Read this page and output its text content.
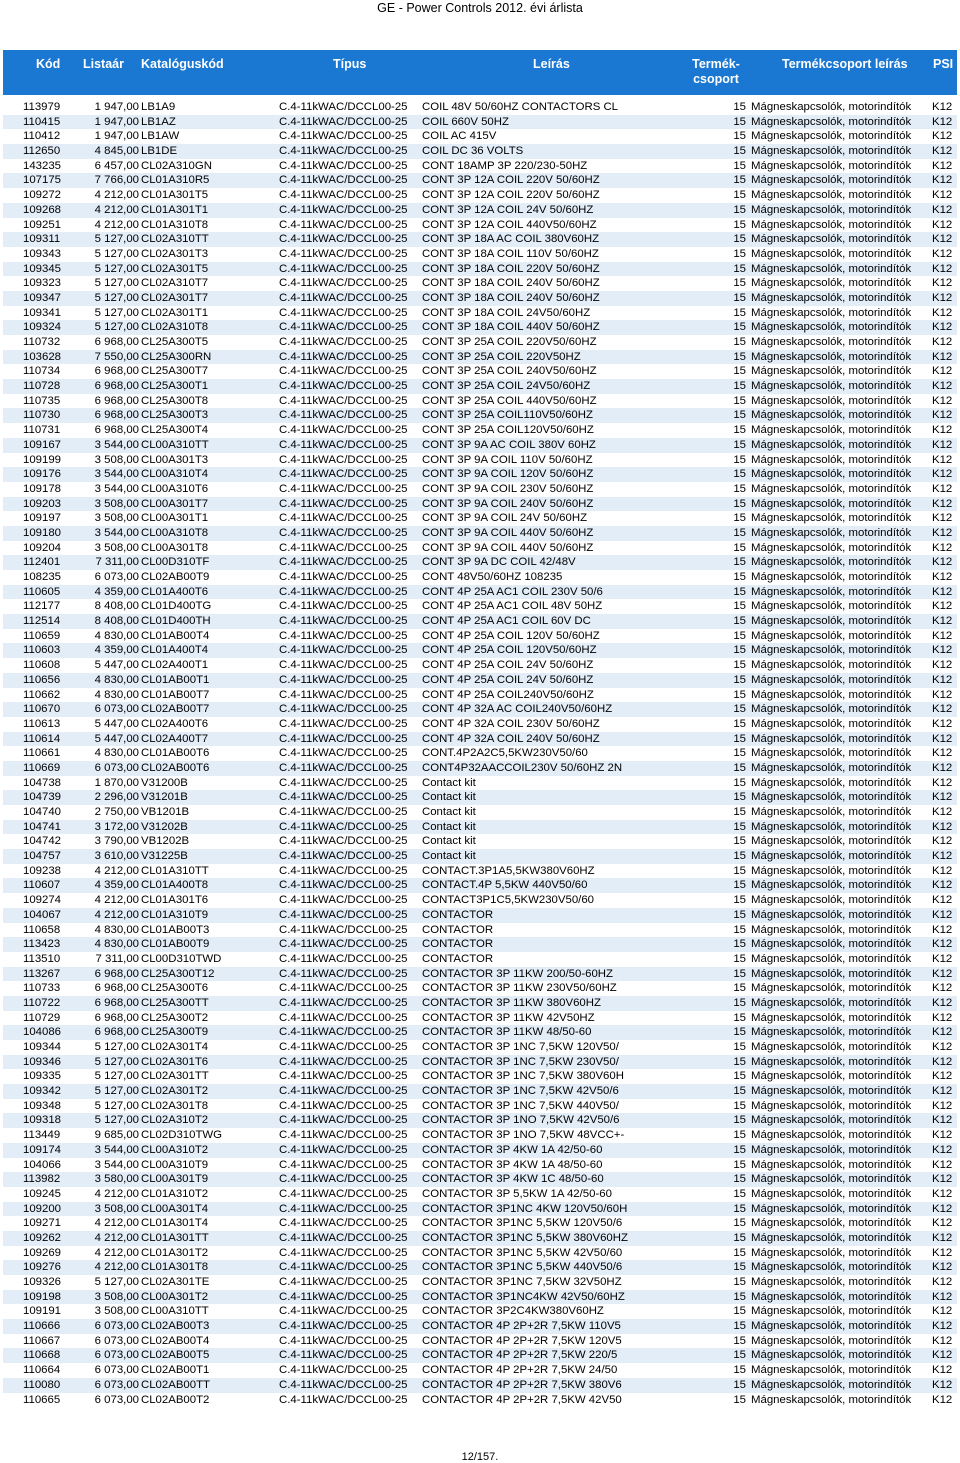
GE - Power Controls 2012. évi árlista
Kód Listaár Katalóguskód	Típus	Leírás	Termék-
csoport
Termékcsoport leírás PSI
113979	1 947,00 LB1A9	C.4-11kWAC/DCCL00-25 COIL 48V 50/60HZ CONTACTORS CL	15 Mágneskapcsolók, motorindítók K12
110415	1 947,00 LB1AZ	C.4-11kWAC/DCCL00-25 COIL 660V 50HZ	15 Mágneskapcsolók, motorindítók K12
110412	1 947,00 LB1AW	C.4-11kWAC/DCCL00-25 COIL AC 415V	15 Mágneskapcsolók, motorindítók K12
112650	4 845,00 LB1DE	C.4-11kWAC/DCCL00-25 COIL DC 36 VOLTS	15 Mágneskapcsolók, motorindítók K12
143235	6 457,00 CL02A310GN	C.4-11kWAC/DCCL00-25 CONT 18AMP 3P 220/230-50HZ	15 Mágneskapcsolók, motorindítók K12
107175	7 766,00 CL01A310R5	C.4-11kWAC/DCCL00-25 CONT 3P 12A COIL 220V 50/60HZ	15 Mágneskapcsolók, motorindítók K12
109272	4 212,00 CL01A301T5	C.4-11kWAC/DCCL00-25 CONT 3P 12A COIL 220V 50/60HZ	15 Mágneskapcsolók, motorindítók K12
109268	4 212,00 CL01A301T1	C.4-11kWAC/DCCL00-25 CONT 3P 12A COIL 24V 50/60HZ	15 Mágneskapcsolók, motorindítók K12
109251	4 212,00 CL01A310T8	C.4-11kWAC/DCCL00-25 CONT 3P 12A COIL 440V50/60HZ	15 Mágneskapcsolók, motorindítók K12
109311	5 127,00 CL02A310TT	C.4-11kWAC/DCCL00-25 CONT 3P 18A AC COIL 380V60HZ	15 Mágneskapcsolók, motorindítók K12
109343	5 127,00 CL02A301T3	C.4-11kWAC/DCCL00-25 CONT 3P 18A COIL 110V 50/60HZ	15 Mágneskapcsolók, motorindítók K12
109345	5 127,00 CL02A301T5	C.4-11kWAC/DCCL00-25 CONT 3P 18A COIL 220V 50/60HZ	15 Mágneskapcsolók, motorindítók K12
109323	5 127,00 CL02A310T7	C.4-11kWAC/DCCL00-25 CONT 3P 18A COIL 240V 50/60HZ	15 Mágneskapcsolók, motorindítók K12
109347	5 127,00 CL02A301T7	C.4-11kWAC/DCCL00-25 CONT 3P 18A COIL 240V 50/60HZ	15 Mágneskapcsolók, motorindítók K12
109341	5 127,00 CL02A301T1	C.4-11kWAC/DCCL00-25 CONT 3P 18A COIL 24V50/60HZ	15 Mágneskapcsolók, motorindítók K12
109324	5 127,00 CL02A310T8	C.4-11kWAC/DCCL00-25 CONT 3P 18A COIL 440V 50/60HZ	15 Mágneskapcsolók, motorindítók K12
110732	6 968,00 CL25A300T5	C.4-11kWAC/DCCL00-25 CONT 3P 25A COIL 220V50/60HZ	15 Mágneskapcsolók, motorindítók K12
103628	7 550,00 CL25A300RN	C.4-11kWAC/DCCL00-25 CONT 3P 25A COIL 220V50HZ	15 Mágneskapcsolók, motorindítók K12
110734	6 968,00 CL25A300T7	C.4-11kWAC/DCCL00-25 CONT 3P 25A COIL 240V50/60HZ	15 Mágneskapcsolók, motorindítók K12
110728	6 968,00 CL25A300T1	C.4-11kWAC/DCCL00-25 CONT 3P 25A COIL 24V50/60HZ	15 Mágneskapcsolók, motorindítók K12
110735	6 968,00 CL25A300T8	C.4-11kWAC/DCCL00-25 CONT 3P 25A COIL 440V50/60HZ	15 Mágneskapcsolók, motorindítók K12
110730	6 968,00 CL25A300T3	C.4-11kWAC/DCCL00-25 CONT 3P 25A COIL110V50/60HZ	15 Mágneskapcsolók, motorindítók K12
110731	6 968,00 CL25A300T4	C.4-11kWAC/DCCL00-25 CONT 3P 25A COIL120V50/60HZ	15 Mágneskapcsolók, motorindítók K12
109167	3 544,00 CL00A310TT	C.4-11kWAC/DCCL00-25 CONT 3P 9A AC COIL 380V 60HZ	15 Mágneskapcsolók, motorindítók K12
109199	3 508,00 CL00A301T3	C.4-11kWAC/DCCL00-25 CONT 3P 9A COIL 110V 50/60HZ	15 Mágneskapcsolók, motorindítók K12
109176	3 544,00 CL00A310T4	C.4-11kWAC/DCCL00-25 CONT 3P 9A COIL 120V 50/60HZ	15 Mágneskapcsolók, motorindítók K12
109178	3 544,00 CL00A310T6	C.4-11kWAC/DCCL00-25 CONT 3P 9A COIL 230V 50/60HZ	15 Mágneskapcsolók, motorindítók K12
109203	3 508,00 CL00A301T7	C.4-11kWAC/DCCL00-25 CONT 3P 9A COIL 240V 50/60HZ	15 Mágneskapcsolók, motorindítók K12
109197	3 508,00 CL00A301T1	C.4-11kWAC/DCCL00-25 CONT 3P 9A COIL 24V 50/60HZ	15 Mágneskapcsolók, motorindítók K12
109180	3 544,00 CL00A310T8	C.4-11kWAC/DCCL00-25 CONT 3P 9A COIL 440V 50/60HZ	15 Mágneskapcsolók, motorindítók K12
109204	3 508,00 CL00A301T8	C.4-11kWAC/DCCL00-25 CONT 3P 9A COIL 440V 50/60HZ	15 Mágneskapcsolók, motorindítók K12
112401	7 311,00 CL00D310TF	C.4-11kWAC/DCCL00-25 CONT 3P 9A DC COIL 42/48V	15 Mágneskapcsolók, motorindítók K12
108235	6 073,00 CL02AB00T9	C.4-11kWAC/DCCL00-25 CONT 48V50/60HZ 108235	15 Mágneskapcsolók, motorindítók K12
110605	4 359,00 CL01A400T6	C.4-11kWAC/DCCL00-25 CONT 4P 25A AC1 COIL 230V 50/6	15 Mágneskapcsolók, motorindítók K12
112177	8 408,00 CL01D400TG	C.4-11kWAC/DCCL00-25 CONT 4P 25A AC1 COIL 48V 50HZ	15 Mágneskapcsolók, motorindítók K12
112514	8 408,00 CL01D400TH	C.4-11kWAC/DCCL00-25 CONT 4P 25A AC1 COIL 60V DC	15 Mágneskapcsolók, motorindítók K12
110659	4 830,00 CL01AB00T4	C.4-11kWAC/DCCL00-25 CONT 4P 25A COIL 120V 50/60HZ	15 Mágneskapcsolók, motorindítók K12
110603	4 359,00 CL01A400T4	C.4-11kWAC/DCCL00-25 CONT 4P 25A COIL 120V50/60HZ	15 Mágneskapcsolók, motorindítók K12
110608	5 447,00 CL02A400T1	C.4-11kWAC/DCCL00-25 CONT 4P 25A COIL 24V 50/60HZ	15 Mágneskapcsolók, motorindítók K12
110656	4 830,00 CL01AB00T1	C.4-11kWAC/DCCL00-25 CONT 4P 25A COIL 24V 50/60HZ	15 Mágneskapcsolók, motorindítók K12
110662	4 830,00 CL01AB00T7	C.4-11kWAC/DCCL00-25 CONT 4P 25A COIL240V50/60HZ	15 Mágneskapcsolók, motorindítók K12
110670	6 073,00 CL02AB00T7	C.4-11kWAC/DCCL00-25 CONT 4P 32A AC COIL240V50/60HZ	15 Mágneskapcsolók, motorindítók K12
110613	5 447,00 CL02A400T6	C.4-11kWAC/DCCL00-25 CONT 4P 32A COIL 230V 50/60HZ	15 Mágneskapcsolók, motorindítók K12
110614	5 447,00 CL02A400T7	C.4-11kWAC/DCCL00-25 CONT 4P 32A COIL 240V 50/60HZ	15 Mágneskapcsolók, motorindítók K12
110661	4 830,00 CL01AB00T6	C.4-11kWAC/DCCL00-25 CONT.4P2A2C5,5KW230V50/60	15 Mágneskapcsolók, motorindítók K12
110669	6 073,00 CL02AB00T6	C.4-11kWAC/DCCL00-25 CONT4P32AACCOIL230V 50/60HZ 2N	15 Mágneskapcsolók, motorindítók K12
104738	1 870,00 V31200B	C.4-11kWAC/DCCL00-25 Contact kit	15 Mágneskapcsolók, motorindítók K12
104739	2 296,00 V31201B	C.4-11kWAC/DCCL00-25 Contact kit	15 Mágneskapcsolók, motorindítók K12
104740	2 750,00 VB1201B	C.4-11kWAC/DCCL00-25 Contact kit	15 Mágneskapcsolók, motorindítók K12
104741	3 172,00 V31202B	C.4-11kWAC/DCCL00-25 Contact kit	15 Mágneskapcsolók, motorindítók K12
104742	3 790,00 VB1202B	C.4-11kWAC/DCCL00-25 Contact kit	15 Mágneskapcsolók, motorindítók K12
104757	3 610,00 V31225B	C.4-11kWAC/DCCL00-25 Contact kit	15 Mágneskapcsolók, motorindítók K12
109238	4 212,00 CL01A310TT	C.4-11kWAC/DCCL00-25 CONTACT.3P1A5,5KW380V60HZ	15 Mágneskapcsolók, motorindítók K12
110607	4 359,00 CL01A400T8	C.4-11kWAC/DCCL00-25 CONTACT.4P 5,5KW 440V50/60	15 Mágneskapcsolók, motorindítók K12
109274	4 212,00 CL01A301T6	C.4-11kWAC/DCCL00-25 CONTACT3P1C5,5KW230V50/60	15 Mágneskapcsolók, motorindítók K12
104067	4 212,00 CL01A310T9	C.4-11kWAC/DCCL00-25 CONTACTOR	15 Mágneskapcsolók, motorindítók K12
110658	4 830,00 CL01AB00T3	C.4-11kWAC/DCCL00-25 CONTACTOR	15 Mágneskapcsolók, motorindítók K12
113423	4 830,00 CL01AB00T9	C.4-11kWAC/DCCL00-25 CONTACTOR	15 Mágneskapcsolók, motorindítók K12
113510	7 311,00 CL00D310TWD	C.4-11kWAC/DCCL00-25 CONTACTOR	15 Mágneskapcsolók, motorindítók K12
113267	6 968,00 CL25A300T12	C.4-11kWAC/DCCL00-25 CONTACTOR 3P 11KW 200/50-60HZ	15 Mágneskapcsolók, motorindítók K12
110733	6 968,00 CL25A300T6	C.4-11kWAC/DCCL00-25 CONTACTOR 3P 11KW 230V50/60HZ	15 Mágneskapcsolók, motorindítók K12
110722	6 968,00 CL25A300TT	C.4-11kWAC/DCCL00-25 CONTACTOR 3P 11KW 380V60HZ	15 Mágneskapcsolók, motorindítók K12
110729	6 968,00 CL25A300T2	C.4-11kWAC/DCCL00-25 CONTACTOR 3P 11KW 42V50HZ	15 Mágneskapcsolók, motorindítók K12
104086	6 968,00 CL25A300T9	C.4-11kWAC/DCCL00-25 CONTACTOR 3P 11KW 48/50-60	15 Mágneskapcsolók, motorindítók K12
109344	5 127,00 CL02A301T4	C.4-11kWAC/DCCL00-25 CONTACTOR 3P 1NC 7,5KW 120V50/	15 Mágneskapcsolók, motorindítók K12
109346	5 127,00 CL02A301T6	C.4-11kWAC/DCCL00-25 CONTACTOR 3P 1NC 7,5KW 230V50/	15 Mágneskapcsolók, motorindítók K12
109335	5 127,00 CL02A301TT	C.4-11kWAC/DCCL00-25 CONTACTOR 3P 1NC 7,5KW 380V60H	15 Mágneskapcsolók, motorindítók K12
109342	5 127,00 CL02A301T2	C.4-11kWAC/DCCL00-25 CONTACTOR 3P 1NC 7,5KW 42V50/6	15 Mágneskapcsolók, motorindítók K12
109348	5 127,00 CL02A301T8	C.4-11kWAC/DCCL00-25 CONTACTOR 3P 1NC 7,5KW 440V50/	15 Mágneskapcsolók, motorindítók K12
109318	5 127,00 CL02A310T2	C.4-11kWAC/DCCL00-25 CONTACTOR 3P 1NO 7,5KW 42V50/6	15 Mágneskapcsolók, motorindítók K12
113449	9 685,00 CL02D310TWG	C.4-11kWAC/DCCL00-25 CONTACTOR 3P 1NO 7,5KW 48VCC+-	15 Mágneskapcsolók, motorindítók K12
109174	3 544,00 CL00A310T2	C.4-11kWAC/DCCL00-25 CONTACTOR 3P 4KW 1A 42/50-60	15 Mágneskapcsolók, motorindítók K12
104066	3 544,00 CL00A310T9	C.4-11kWAC/DCCL00-25 CONTACTOR 3P 4KW 1A 48/50-60	15 Mágneskapcsolók, motorindítók K12
113982	3 580,00 CL00A301T9	C.4-11kWAC/DCCL00-25 CONTACTOR 3P 4KW 1C 48/50-60	15 Mágneskapcsolók, motorindítók K12
109245	4 212,00 CL01A310T2	C.4-11kWAC/DCCL00-25 CONTACTOR 3P 5,5KW 1A 42/50-60	15 Mágneskapcsolók, motorindítók K12
109200	3 508,00 CL00A301T4	C.4-11kWAC/DCCL00-25 CONTACTOR 3P1NC 4KW 120V50/60H	15 Mágneskapcsolók, motorindítók K12
109271	4 212,00 CL01A301T4	C.4-11kWAC/DCCL00-25 CONTACTOR 3P1NC 5,5KW 120V50/6	15 Mágneskapcsolók, motorindítók K12
109262	4 212,00 CL01A301TT	C.4-11kWAC/DCCL00-25 CONTACTOR 3P1NC 5,5KW 380V60HZ	15 Mágneskapcsolók, motorindítók K12
109269	4 212,00 CL01A301T2	C.4-11kWAC/DCCL00-25 CONTACTOR 3P1NC 5,5KW 42V50/60	15 Mágneskapcsolók, motorindítók K12
109276	4 212,00 CL01A301T8	C.4-11kWAC/DCCL00-25 CONTACTOR 3P1NC 5,5KW 440V50/6	15 Mágneskapcsolók, motorindítók K12
109326	5 127,00 CL02A301TE	C.4-11kWAC/DCCL00-25 CONTACTOR 3P1NC 7,5KW 32V50HZ	15 Mágneskapcsolók, motorindítók K12
109198	3 508,00 CL00A301T2	C.4-11kWAC/DCCL00-25 CONTACTOR 3P1NC4KW 42V50/60HZ	15 Mágneskapcsolók, motorindítók K12
109191	3 508,00 CL00A310TT	C.4-11kWAC/DCCL00-25 CONTACTOR 3P2C4KW380V60HZ	15 Mágneskapcsolók, motorindítók K12
110666	6 073,00 CL02AB00T3	C.4-11kWAC/DCCL00-25 CONTACTOR 4P 2P+2R 7,5KW 110V5	15 Mágneskapcsolók, motorindítók K12
110667	6 073,00 CL02AB00T4	C.4-11kWAC/DCCL00-25 CONTACTOR 4P 2P+2R 7,5KW 120V5	15 Mágneskapcsolók, motorindítók K12
110668	6 073,00 CL02AB00T5	C.4-11kWAC/DCCL00-25 CONTACTOR 4P 2P+2R 7,5KW 220/5	15 Mágneskapcsolók, motorindítók K12
110664	6 073,00 CL02AB00T1	C.4-11kWAC/DCCL00-25 CONTACTOR 4P 2P+2R 7,5KW 24/50	15 Mágneskapcsolók, motorindítók K12
110080	6 073,00 CL02AB00TT	C.4-11kWAC/DCCL00-25 CONTACTOR 4P 2P+2R 7,5KW 380V6	15 Mágneskapcsolók, motorindítók K12
110665	6 073,00 CL02AB00T2	C.4-11kWAC/DCCL00-25 CONTACTOR 4P 2P+2R 7,5KW 42V50	15 Mágneskapcsolók, motorindítók K12
12/157.
